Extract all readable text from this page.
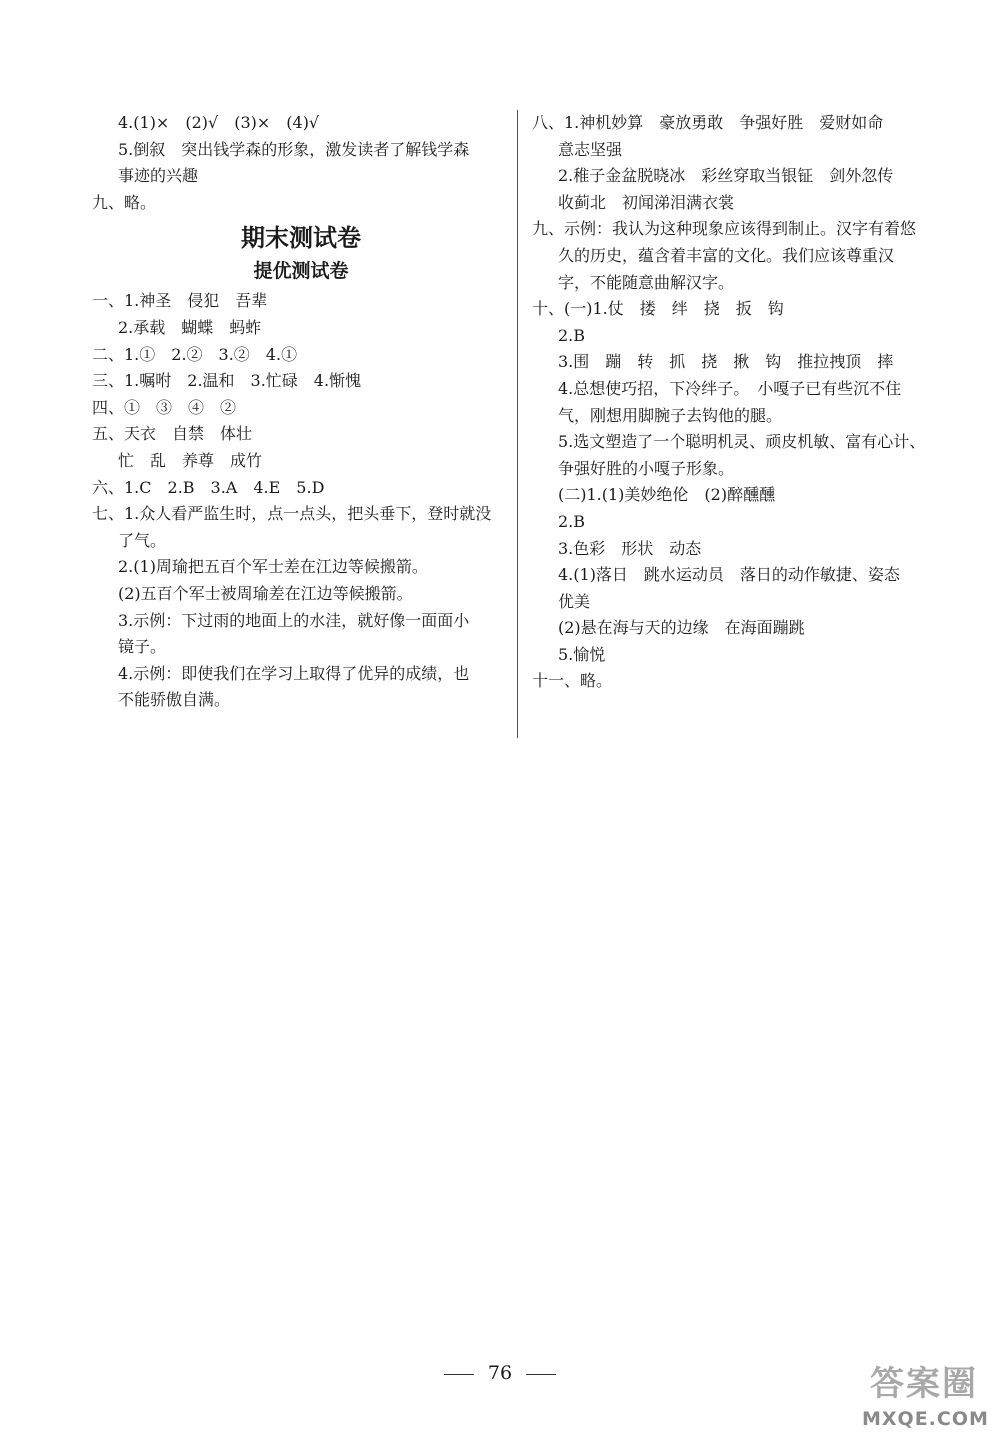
4.(1)×　(2)√　(3)×　(4)√
5.倒叙　突出钱学森的形象，激发读者了解钱学森
事迹的兴趣
九、略。
期末测试卷
提优测试卷
一、1.神圣　侵犯　吾辈
2.承载　蝴蝶　蚂蚱
二、1.①　2.②　3.②　4.①
三、1.嘱咐　2.温和　3.忙碌　4.惭愧
四、①　③　④　②
五、天衣　自禁　体壮
忙　乱　养尊　成竹
六、1.C　2.B　3.A　4.E　5.D
七、1.众人看严监生时，点一点头，把头垂下，登时就没
了气。
2.(1)周瑜把五百个军士差在江边等候搬箭。
(2)五百个军士被周瑜差在江边等候搬箭。
3.示例：下过雨的地面上的水洼，就好像一面面小
镜子。
4.示例：即使我们在学习上取得了优异的成绩，也
不能骄傲自满。
八、1.神机妙算　豪放勇敢　争强好胜　爱财如命
意志坚强
2.稚子金盆脱晓冰　彩丝穿取当银钲　剑外忽传
收蓟北　初闻涕泪满衣裳
九、示例：我认为这种现象应该得到制止。汉字有着悠
久的历史，蕴含着丰富的文化。我们应该尊重汉
字，不能随意曲解汉字。
十、(一)1.仗　搂　绊　挠　扳　钩
2.B
3.围　蹦　转　抓　挠　揪　钩　推拉拽顶　摔
4.总想使巧招，下冷绊子。　小嘎子已有些沉不住
气，刚想用脚腕子去钩他的腿。
5.选文塑造了一个聪明机灵、顽皮机敏、富有心计、
争强好胜的小嘎子形象。
(二)1.(1)美妙绝伦　(2)醉醺醺
2.B
3.色彩　形状　动态
4.(1)落日　跳水运动员　落日的动作敏捷、姿态
优美
(2)悬在海与天的边缘　在海面蹦跳
5.愉悦
十一、略。
76	答案圈
MXQE.COM
